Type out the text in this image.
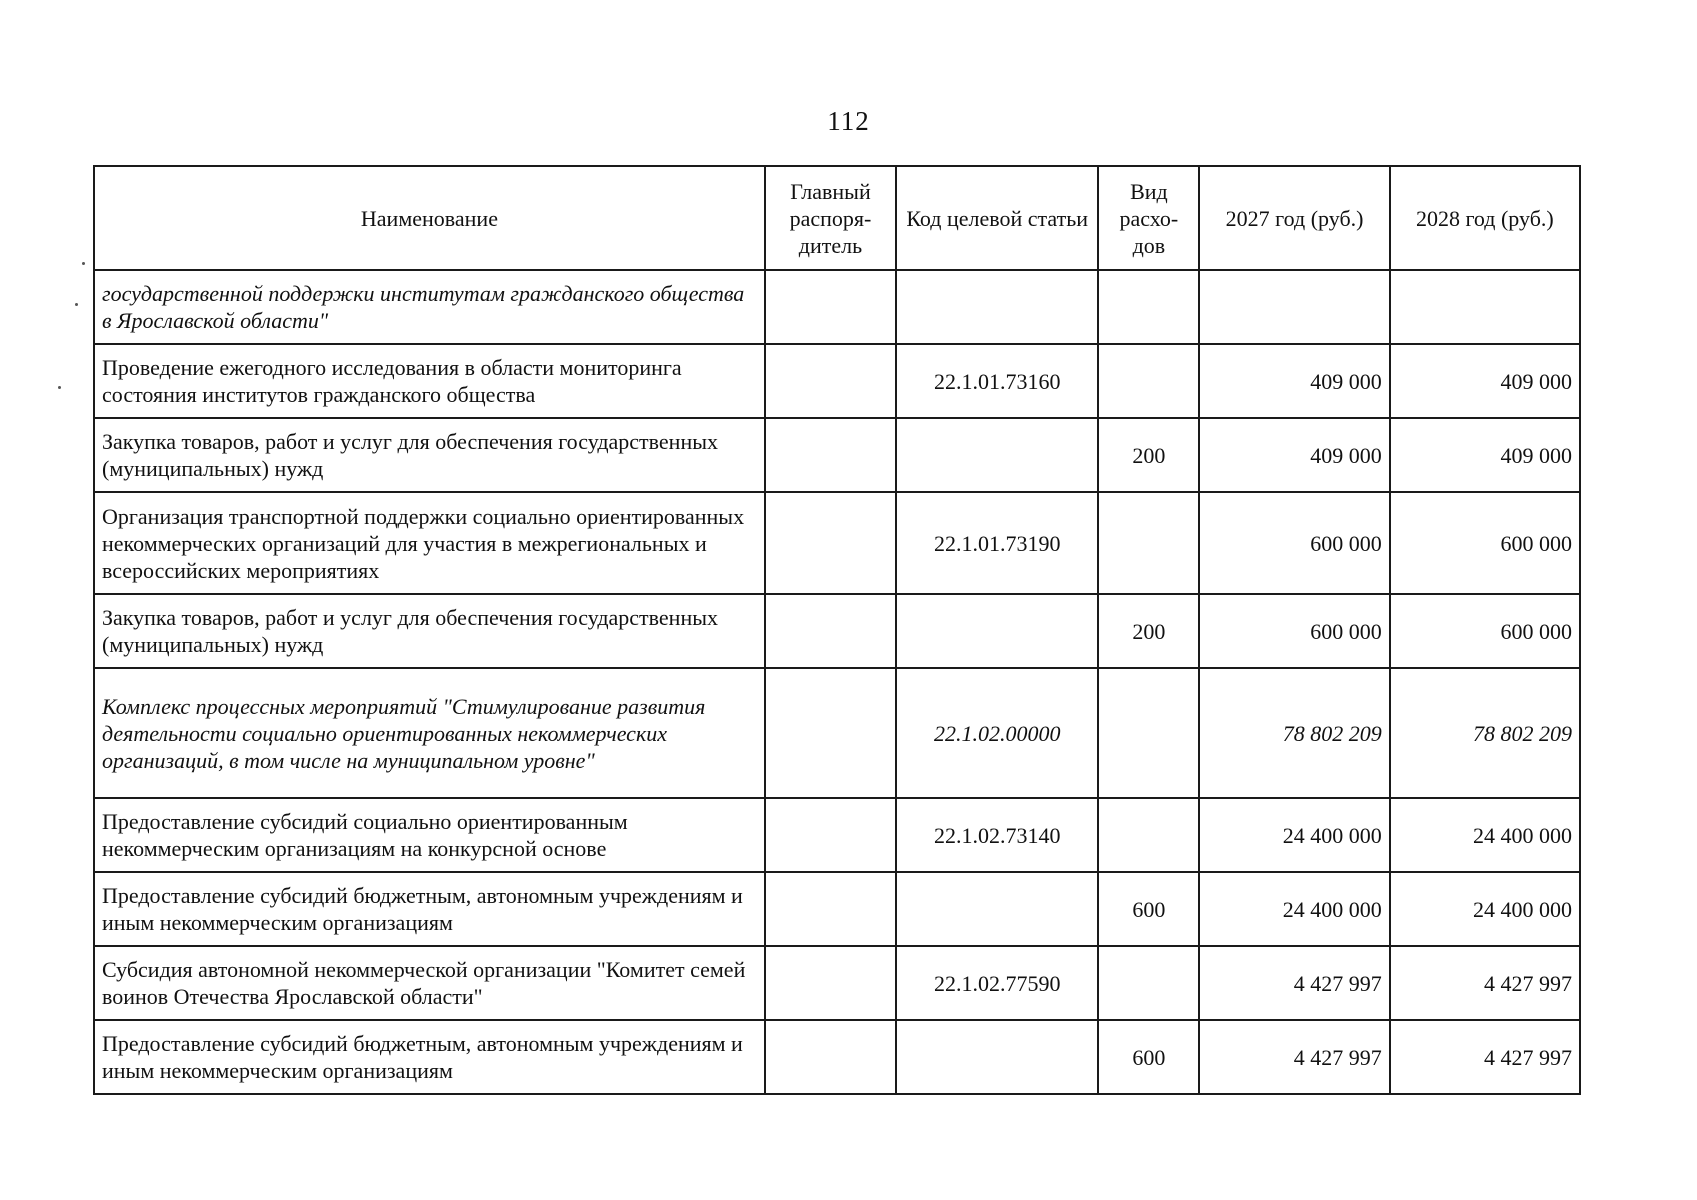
112
Наименование	Главный распоря-дитель	Код целевой статьи	Вид расхо-дов	2027 год (руб.)	2028 год (руб.)
государственной поддержки институтам гражданского общества в Ярославской области"					
Проведение ежегодного исследования в области мониторинга состояния институтов гражданского общества		22.1.01.73160		409 000	409 000
Закупка товаров, работ и услуг для обеспечения государственных (муниципальных) нужд			200	409 000	409 000
Организация транспортной поддержки социально ориентированных некоммерческих организаций для участия в межрегиональных и всероссийских мероприятиях		22.1.01.73190		600 000	600 000
Закупка товаров, работ и услуг для обеспечения государственных (муниципальных) нужд			200	600 000	600 000
Комплекс процессных мероприятий "Стимулирование развития деятельности социально ориентированных некоммерческих организаций, в том числе на муниципальном уровне"		22.1.02.00000		78 802 209	78 802 209
Предоставление субсидий социально ориентированным некоммерческим организациям на конкурсной основе		22.1.02.73140		24 400 000	24 400 000
Предоставление субсидий бюджетным, автономным учреждениям и иным некоммерческим организациям			600	24 400 000	24 400 000
Субсидия автономной некоммерческой организации "Комитет семей воинов Отечества Ярославской области"		22.1.02.77590		4 427 997	4 427 997
Предоставление субсидий бюджетным, автономным учреждениям и иным некоммерческим организациям			600	4 427 997	4 427 997
